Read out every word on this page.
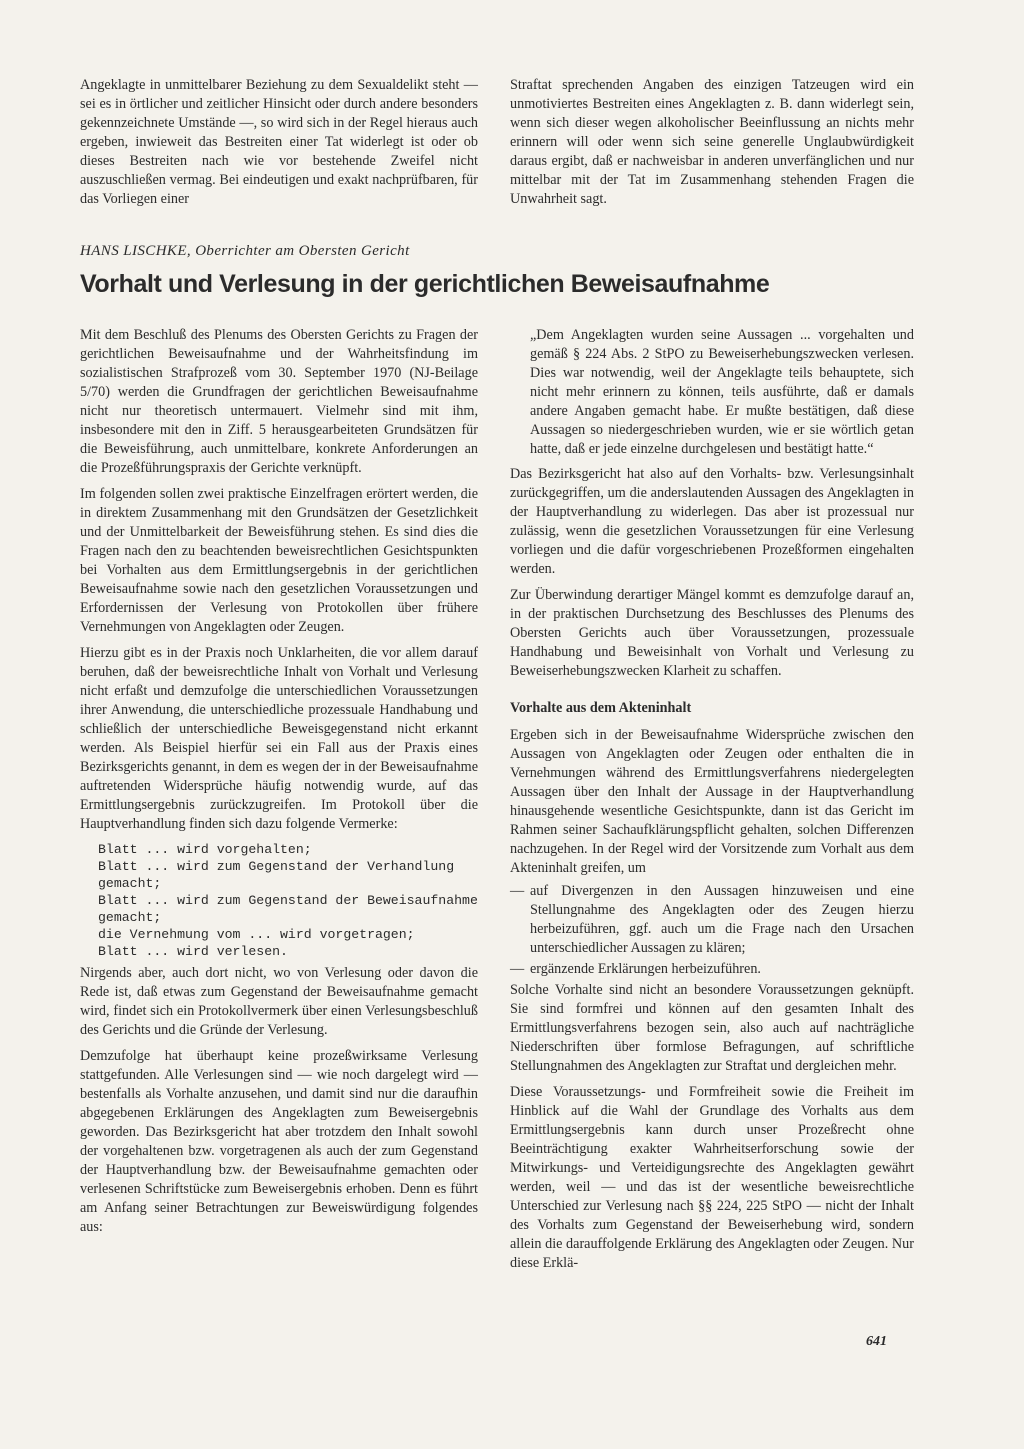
Angeklagte in unmittelbarer Beziehung zu dem Sexualdelikt steht — sei es in örtlicher und zeitlicher Hinsicht oder durch andere besonders gekennzeichnete Umstände —, so wird sich in der Regel hieraus auch ergeben, inwieweit das Bestreiten einer Tat widerlegt ist oder ob dieses Bestreiten nach wie vor bestehende Zweifel nicht auszuschließen vermag. Bei eindeutigen und exakt nachprüfbaren, für das Vorliegen einer

Straftat sprechenden Angaben des einzigen Tatzeugen wird ein unmotiviertes Bestreiten eines Angeklagten z. B. dann widerlegt sein, wenn sich dieser wegen alkoholischer Beeinflussung an nichts mehr erinnern will oder wenn sich seine generelle Unglaubwürdigkeit daraus ergibt, daß er nachweisbar in anderen unverfänglichen und nur mittelbar mit der Tat im Zusammenhang stehenden Fragen die Unwahrheit sagt.

HANS LISCHKE, Oberrichter am Obersten Gericht
Vorhalt und Verlesung in der gerichtlichen Beweisaufnahme

Mit dem Beschluß des Plenums des Obersten Gerichts zu Fragen der gerichtlichen Beweisaufnahme und der Wahrheitsfindung im sozialistischen Strafprozeß vom 30. September 1970 (NJ-Beilage 5/70) werden die Grundfragen der gerichtlichen Beweisaufnahme nicht nur theoretisch untermauert. Vielmehr sind mit ihm, insbesondere mit den in Ziff. 5 herausgearbeiteten Grundsätzen für die Beweisführung, auch unmittelbare, konkrete Anforderungen an die Prozeßführungspraxis der Gerichte verknüpft.

Im folgenden sollen zwei praktische Einzelfragen erörtert werden, die in direktem Zusammenhang mit den Grundsätzen der Gesetzlichkeit und der Unmittelbarkeit der Beweisführung stehen. Es sind dies die Fragen nach den zu beachtenden beweisrechtlichen Gesichtspunkten bei Vorhalten aus dem Ermittlungsergebnis in der gerichtlichen Beweisaufnahme sowie nach den gesetzlichen Voraussetzungen und Erfordernissen der Verlesung von Protokollen über frühere Vernehmungen von Angeklagten oder Zeugen.

Hierzu gibt es in der Praxis noch Unklarheiten, die vor allem darauf beruhen, daß der beweisrechtliche Inhalt von Vorhalt und Verlesung nicht erfaßt und demzufolge die unterschiedlichen Voraussetzungen ihrer Anwendung, die unterschiedliche prozessuale Handhabung und schließlich der unterschiedliche Beweisgegenstand nicht erkannt werden. Als Beispiel hierfür sei ein Fall aus der Praxis eines Bezirksgerichts genannt, in dem es wegen der in der Beweisaufnahme auftretenden Widersprüche häufig notwendig wurde, auf das Ermittlungsergebnis zurückzugreifen. Im Protokoll über die Hauptverhandlung finden sich dazu folgende Vermerke:

Blatt ... wird vorgehalten;
Blatt ... wird zum Gegenstand der Verhandlung gemacht;
Blatt ... wird zum Gegenstand der Beweisaufnahme gemacht;
die Vernehmung vom ... wird vorgetragen;
Blatt ... wird verlesen.

Nirgends aber, auch dort nicht, wo von Verlesung oder davon die Rede ist, daß etwas zum Gegenstand der Beweisaufnahme gemacht wird, findet sich ein Protokollvermerk über einen Verlesungsbeschluß des Gerichts und die Gründe der Verlesung.

Demzufolge hat überhaupt keine prozeßwirksame Verlesung stattgefunden. Alle Verlesungen sind — wie noch dargelegt wird — bestenfalls als Vorhalte anzusehen, und damit sind nur die daraufhin abgegebenen Erklärungen des Angeklagten zum Beweisergebnis geworden. Das Bezirksgericht hat aber trotzdem den Inhalt sowohl der vorgehaltenen bzw. vorgetragenen als auch der zum Gegenstand der Hauptverhandlung bzw. der Beweisaufnahme gemachten oder verlesenen Schriftstücke zum Beweisergebnis erhoben. Denn es führt am Anfang seiner Betrachtungen zur Beweiswürdigung folgendes aus:

„Dem Angeklagten wurden seine Aussagen ... vorgehalten und gemäß § 224 Abs. 2 StPO zu Beweiserhebungszwecken verlesen. Dies war notwendig, weil der Angeklagte teils behauptete, sich nicht mehr erinnern zu können, teils ausführte, daß er damals andere Angaben gemacht habe. Er mußte bestätigen, daß diese Aussagen so niedergeschrieben wurden, wie er sie wörtlich getan hatte, daß er jede einzelne durchgelesen und bestätigt hatte.“

Das Bezirksgericht hat also auf den Vorhalts- bzw. Verlesungsinhalt zurückgegriffen, um die anderslautenden Aussagen des Angeklagten in der Hauptverhandlung zu widerlegen. Das aber ist prozessual nur zulässig, wenn die gesetzlichen Voraussetzungen für eine Verlesung vorliegen und die dafür vorgeschriebenen Prozeßformen eingehalten werden.

Zur Überwindung derartiger Mängel kommt es demzufolge darauf an, in der praktischen Durchsetzung des Beschlusses des Plenums des Obersten Gerichts auch über Voraussetzungen, prozessuale Handhabung und Beweisinhalt von Vorhalt und Verlesung zu Beweiserhebungszwecken Klarheit zu schaffen.

Vorhalte aus dem Akteninhalt

Ergeben sich in der Beweisaufnahme Widersprüche zwischen den Aussagen von Angeklagten oder Zeugen oder enthalten die in Vernehmungen während des Ermittlungsverfahrens niedergelegten Aussagen über den Inhalt der Aussage in der Hauptverhandlung hinausgehende wesentliche Gesichtspunkte, dann ist das Gericht im Rahmen seiner Sachaufklärungspflicht gehalten, solchen Differenzen nachzugehen. In der Regel wird der Vorsitzende zum Vorhalt aus dem Akteninhalt greifen, um

— auf Divergenzen in den Aussagen hinzuweisen und eine Stellungnahme des Angeklagten oder des Zeugen hierzu herbeizuführen, ggf. auch um die Frage nach den Ursachen unterschiedlicher Aussagen zu klären;
— ergänzende Erklärungen herbeizuführen.

Solche Vorhalte sind nicht an besondere Voraussetzungen geknüpft. Sie sind formfrei und können auf den gesamten Inhalt des Ermittlungsverfahrens bezogen sein, also auch auf nachträgliche Niederschriften über formlose Befragungen, auf schriftliche Stellungnahmen des Angeklagten zur Straftat und dergleichen mehr.

Diese Voraussetzungs- und Formfreiheit sowie die Freiheit im Hinblick auf die Wahl der Grundlage des Vorhalts aus dem Ermittlungsergebnis kann durch unser Prozeßrecht ohne Beeinträchtigung exakter Wahrheitserforschung sowie der Mitwirkungs- und Verteidigungsrechte des Angeklagten gewährt werden, weil — und das ist der wesentliche beweisrechtliche Unterschied zur Verlesung nach §§ 224, 225 StPO — nicht der Inhalt des Vorhalts zum Gegenstand der Beweiserhebung wird, sondern allein die darauffolgende Erklärung des Angeklagten oder Zeugen. Nur diese Erklä-

641
